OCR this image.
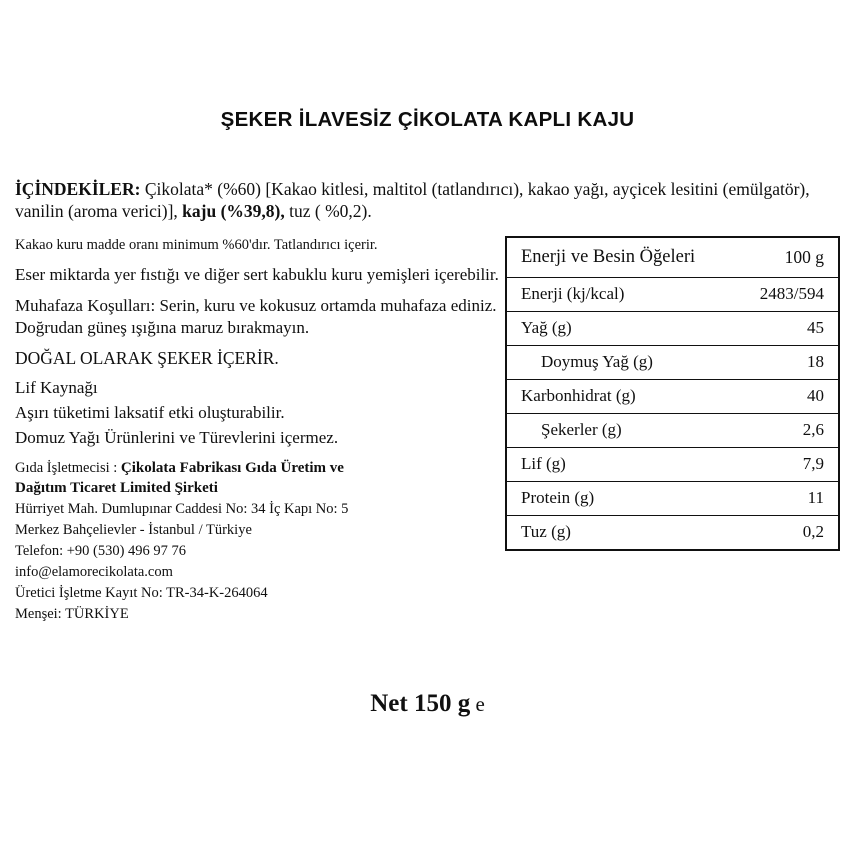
ŞEKER İLAVESİZ ÇİKOLATA KAPLI KAJU
İÇİNDEKİLER: Çikolata* (%60) [Kakao kitlesi, maltitol (tatlandırıcı), kakao yağı, ayçicek lesitini (emülgatör), vanilin (aroma verici)], kaju (%39,8), tuz ( %0,2).
Kakao kuru madde oranı minimum %60'dır. Tatlandırıcı içerir.
Eser miktarda yer fıstığı ve diğer sert kabuklu kuru yemişleri içerebilir.
Muhafaza Koşulları: Serin, kuru ve kokusuz ortamda muhafaza ediniz. Doğrudan güneş ışığına maruz bırakmayın.
DOĞAL OLARAK ŞEKER İÇERİR.
Lif Kaynağı
Aşırı tüketimi laksatif etki oluşturabilir.
Domuz Yağı Ürünlerini ve Türevlerini içermez.
Gıda İşletmecisi : Çikolata Fabrikası Gıda Üretim ve
Dağıtım Ticaret Limited Şirketi
Hürriyet Mah. Dumlupınar Caddesi No: 34 İç Kapı No: 5
Merkez Bahçelievler - İstanbul / Türkiye
Telefon: +90 (530) 496 97 76
info@elamorecikolata.com
Üretici İşletme Kayıt No: TR-34-K-264064
Menşei: TÜRKİYE
Enerji ve Besin Öğeleri	100 g
Enerji (kj/kcal)	2483/594
Yağ (g)	45
Doymuş Yağ (g)	18
Karbonhidrat (g)	40
Şekerler (g)	2,6
Lif (g)	7,9
Protein (g)	11
Tuz (g)	0,2
Net 150 g e
